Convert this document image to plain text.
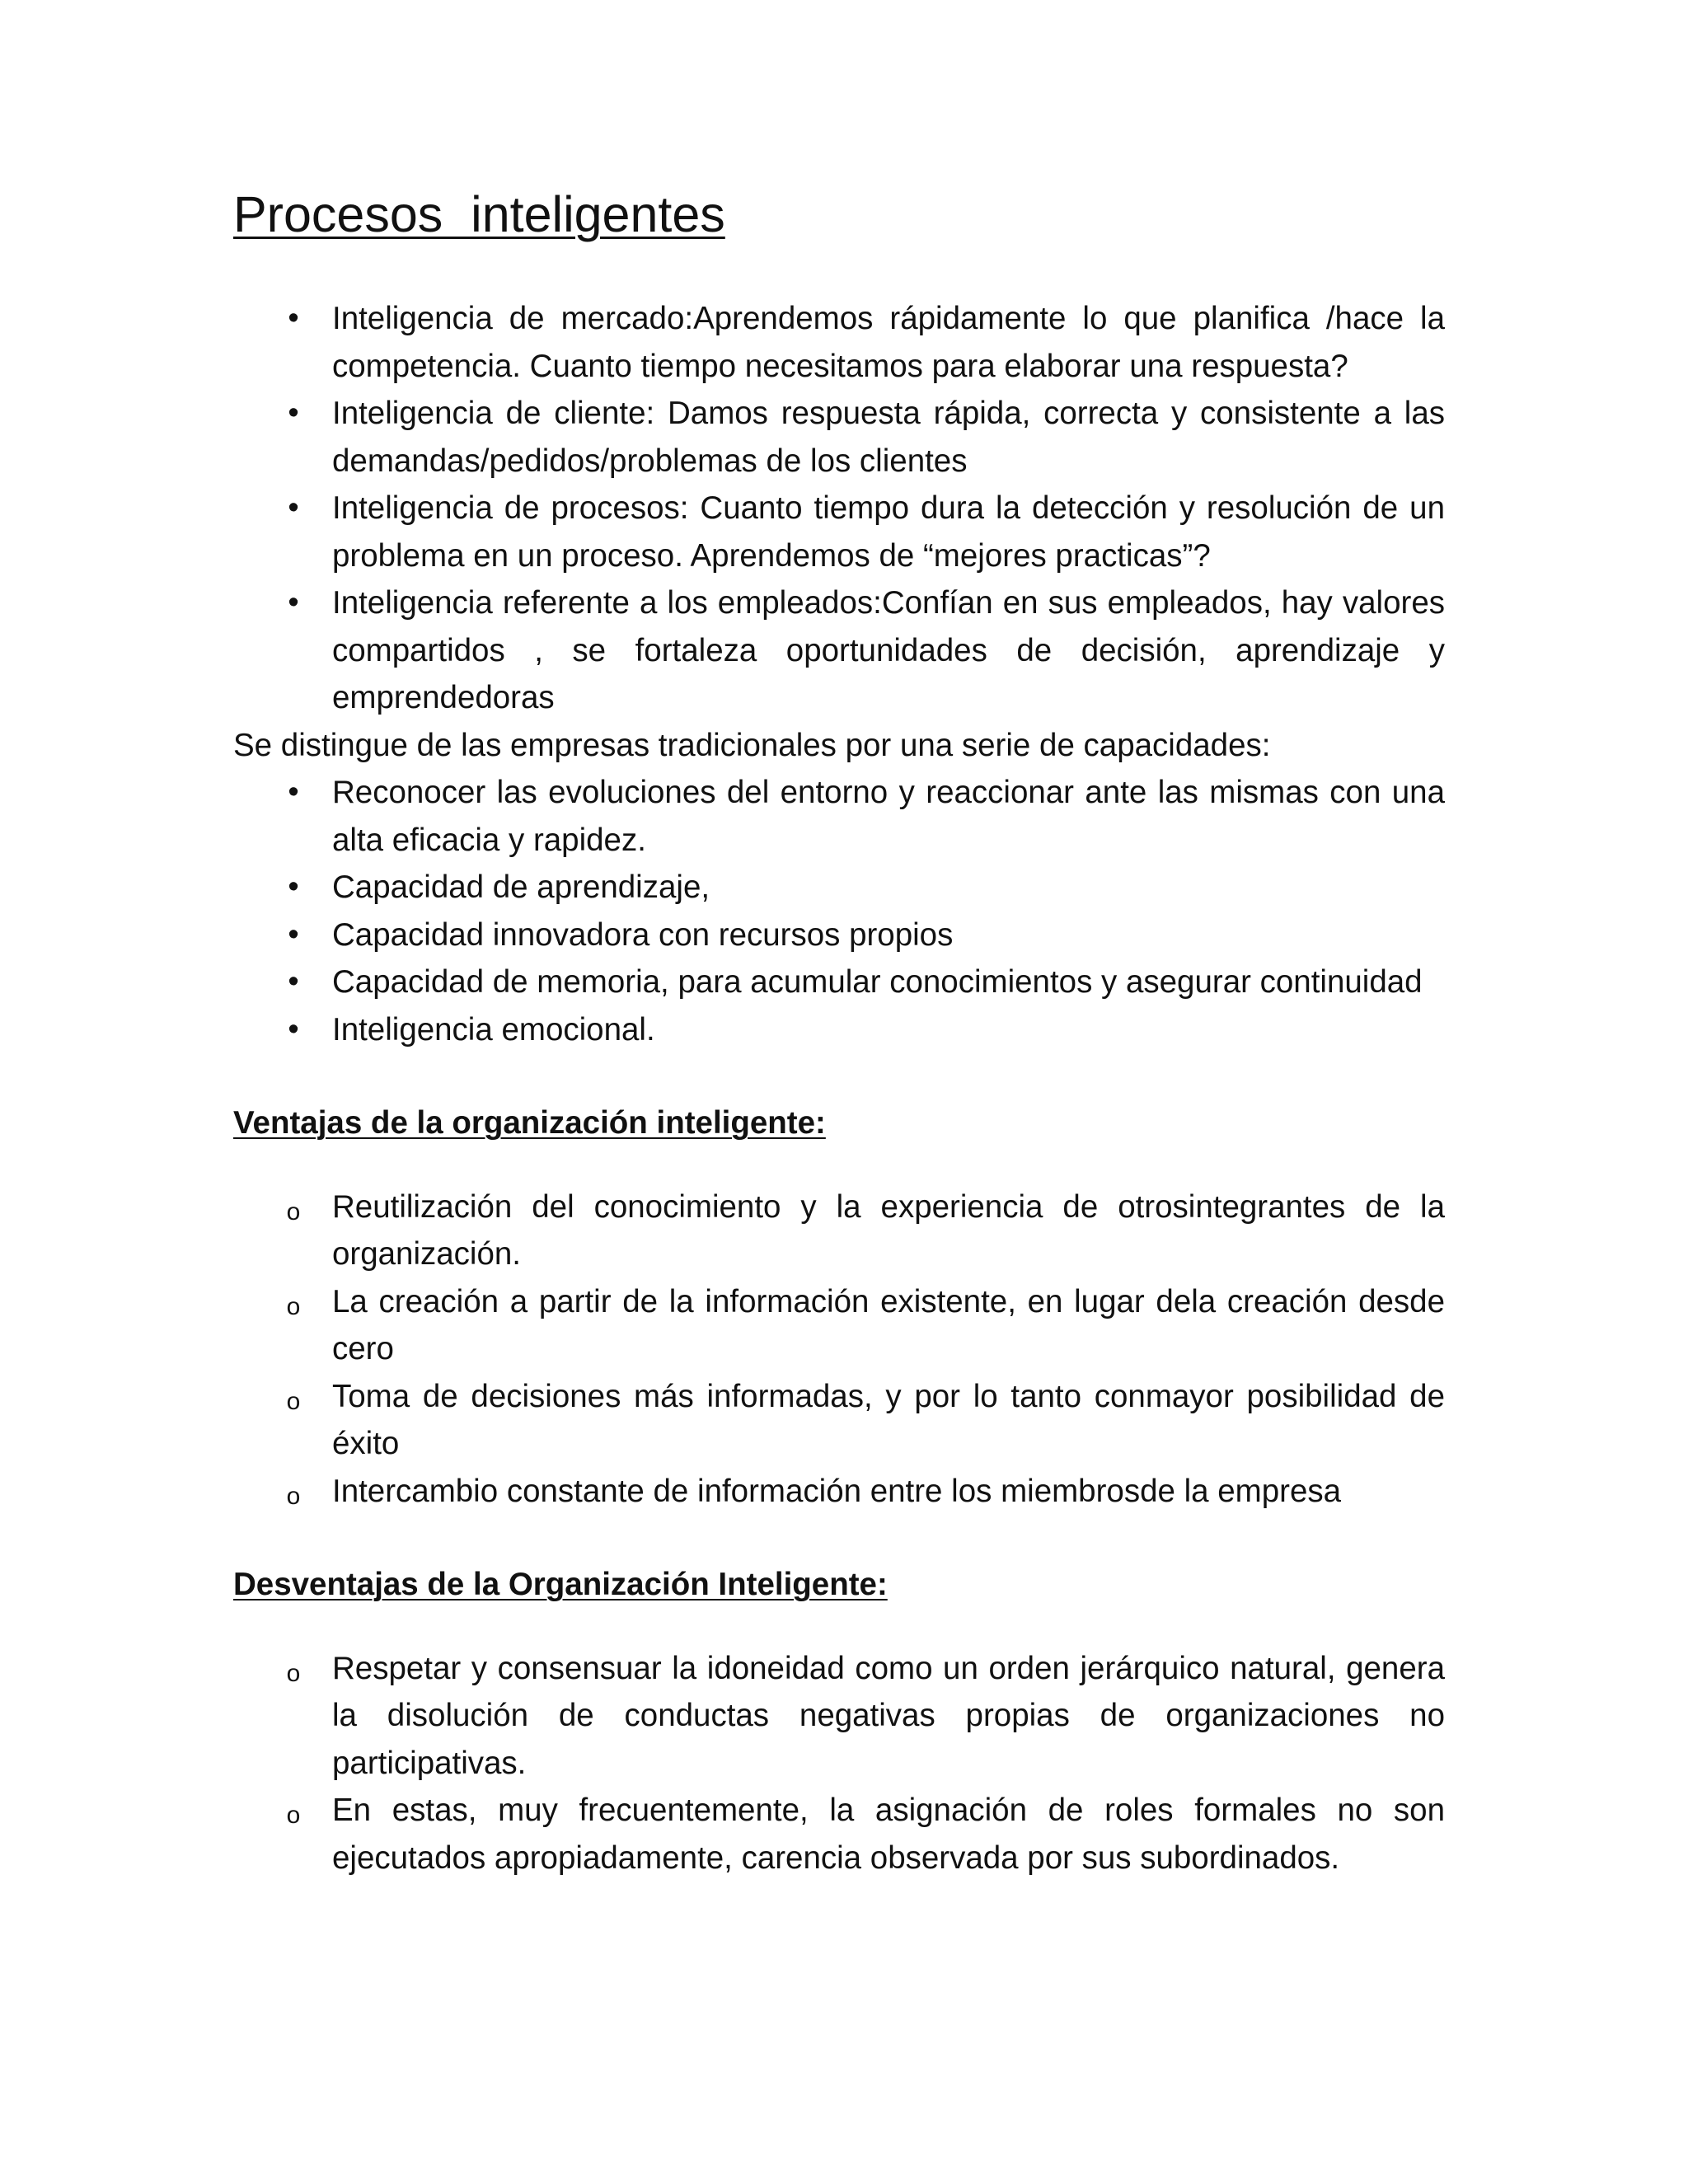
Procesos  inteligentes
• Inteligencia de mercado:Aprendemos rápidamente lo que planifica /hace la competencia. Cuanto tiempo necesitamos para elaborar una respuesta?
• Inteligencia de cliente: Damos respuesta rápida, correcta y consistente a las demandas/pedidos/problemas de los clientes
• Inteligencia de procesos: Cuanto tiempo dura la detección y resolución de un problema en un proceso. Aprendemos de “mejores practicas”?
• Inteligencia referente a los empleados:Confían en sus empleados, hay valores compartidos , se fortaleza oportunidades de decisión, aprendizaje y emprendedoras

Se distingue de las empresas tradicionales por una serie de capacidades:

• Reconocer las evoluciones del entorno y reaccionar ante las mismas con una alta eficacia y rapidez.
• Capacidad de aprendizaje,
• Capacidad innovadora con recursos propios
• Capacidad de memoria, para acumular conocimientos y asegurar continuidad
• Inteligencia emocional.

Ventajas de la organización inteligente:

o Reutilización del conocimiento y la experiencia de otrosintegrantes de la organización.
o La creación a partir de la información existente, en lugar dela creación desde cero
o Toma de decisiones más informadas, y por lo tanto conmayor posibilidad de éxito
o Intercambio constante de información entre los miembrosde la empresa

Desventajas de la Organización Inteligente:

o Respetar y consensuar la idoneidad como un orden jerárquico natural, genera la disolución de conductas negativas propias de organizaciones no participativas.
o En estas, muy frecuentemente, la asignación de roles formales no son ejecutados apropiadamente, carencia observada por sus subordinados.
